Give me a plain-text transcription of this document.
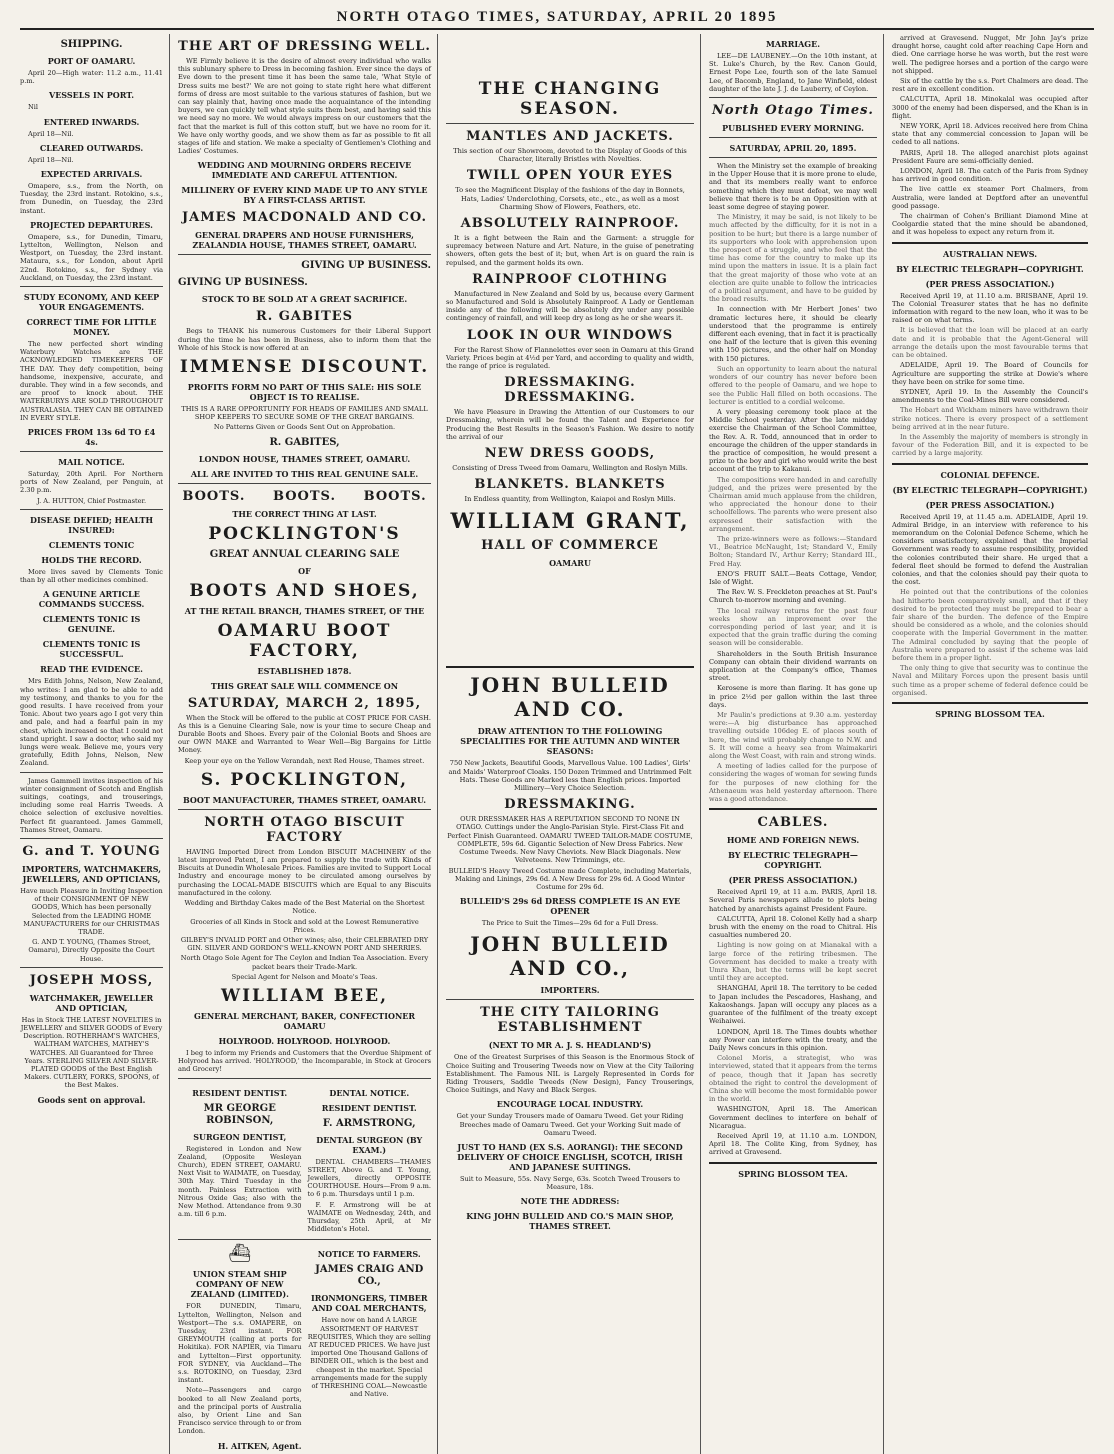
NORTH OTAGO TIMES, SATURDAY, APRIL 20 1895
SHIPPING.
PORT OF OAMARU.

April 20—High water: 11.2 a.m., 11.41 p.m.

VESSELS IN PORT.

Nil

ENTERED INWARDS.

April 18—Nil.

CLEARED OUTWARDS.

April 18—Nil.

EXPECTED ARRIVALS.

Omapere, s.s., from the North, on Tuesday, the 23rd instant. Rotokino, s.s., from Dunedin, on Tuesday, the 23rd instant.

PROJECTED DEPARTURES.

Omapere, s.s., for Dunedin, Timaru, Lyttelton, Wellington, Nelson and Westport, on Tuesday, the 23rd instant. Mataura, s.s., for London, about April 22nd. Rotokino, s.s., for Sydney via Auckland, on Tuesday, the 23rd instant.

STUDY ECONOMY, AND KEEP YOUR ENGAGEMENTS.
CORRECT TIME FOR LITTLE MONEY.

The new perfected short winding Waterbury Watches are THE ACKNOWLEDGED TIMEKEEPERS OF THE DAY. They defy competition, being handsome, inexpensive, accurate, and durable. They wind in a few seconds, and are proof to knock about. THE WATERBURYS ARE SOLD THROUGHOUT AUSTRALASIA. THEY CAN BE OBTAINED IN EVERY STYLE.

PRICES FROM 13s 6d TO £4 4s.
MAIL NOTICE.

Saturday, 20th April. For Northern ports of New Zealand, per Penguin, at 2.30 p.m.

J. A. HUTTON, Chief Postmaster.

DISEASE DEFIED; HEALTH INSURED:
CLEMENTS TONIC
HOLDS THE RECORD.

More lives saved by Clements Tonic than by all other medicines combined.

A GENUINE ARTICLE COMMANDS SUCCESS.
CLEMENTS TONIC IS GENUINE.
CLEMENTS TONIC IS SUCCESSFUL.
READ THE EVIDENCE.

Mrs Edith Johns, Nelson, New Zealand, who writes: I am glad to be able to add my testimony, and thanks to you for the good results. I have received from your Tonic. About two years ago I got very thin and pale, and had a fearful pain in my chest, which increased so that I could not stand upright. I saw a doctor, who said my lungs were weak. Believe me, yours very gratefully, Edith Johns, Nelson, New Zealand.

James Gammell invites inspection of his winter consignment of Scotch and English suitings, coatings, and trouserings, including some real Harris Tweeds. A choice selection of exclusive novelties. Perfect fit guaranteed. James Gammell, Thames Street, Oamaru.

G. and T. YOUNG
IMPORTERS, WATCHMAKERS, JEWELLERS, AND OPTICIANS,

Have much Pleasure in Inviting Inspection of their CONSIGNMENT OF NEW GOODS, Which has been personally Selected from the LEADING HOME MANUFACTURERS for our CHRISTMAS TRADE.

G. AND T. YOUNG, (Thames Street, Oamaru), Directly Opposite the Court House.

JOSEPH MOSS,
WATCHMAKER, JEWELLER AND OPTICIAN,

Has in Stock THE LATEST NOVELTIES in JEWELLERY and SILVER GOODS of Every Description. ROTHERHAM'S WATCHES, WALTHAM WATCHES, MATHEY'S WATCHES. All Guaranteed for Three Years. STERLING SILVER AND SILVER-PLATED GOODS of the Best English Makers. CUTLERY, FORKS, SPOONS, of the Best Makes.

Goods sent on approval.
THE ART OF DRESSING WELL.

WE Firmly believe it is the desire of almost every individual who walks this sublunary sphere to Dress in becoming fashion. Ever since the days of Eve down to the present time it has been the same tale, 'What Style of Dress suits me best?' We are not going to state right here what different forms of dress are most suitable to the various statures of fashion, but we can say plainly that, having once made the acquaintance of the intending buyers, we can quickly tell what style suits them best, and having said this we need say no more. We would always impress on our customers that the fact that the market is full of this cotton stuff, but we have no room for it. We have only worthy goods, and we show them as far as possible to fit all stages of life and station. We make a specialty of Gentlemen's Clothing and Ladies' Costumes.

WEDDING AND MOURNING ORDERS RECEIVE IMMEDIATE AND CAREFUL ATTENTION.
MILLINERY OF EVERY KIND MADE UP TO ANY STYLE BY A FIRST-CLASS ARTIST.
JAMES MACDONALD AND CO.
GENERAL DRAPERS AND HOUSE FURNISHERS, ZEALANDIA HOUSE, THAMES STREET, OAMARU.
GIVING UP BUSINESS.
GIVING UP BUSINESS.
STOCK TO BE SOLD AT A GREAT SACRIFICE.
R. GABITES

Begs to THANK his numerous Customers for their Liberal Support during the time he has been in Business, also to inform them that the Whole of his Stock is now offered at an

IMMENSE DISCOUNT.
PROFITS FORM NO PART OF THIS SALE: HIS SOLE OBJECT IS TO REALISE.

THIS IS A RARE OPPORTUNITY FOR HEADS OF FAMILIES AND SMALL SHOP KEEPERS TO SECURE SOME OF THE GREAT BARGAINS.

No Patterns Given or Goods Sent Out on Approbation.

R. GABITES,
LONDON HOUSE, THAMES STREET, OAMARU.
ALL ARE INVITED TO THIS REAL GENUINE SALE.
BOOTS.     BOOTS.     BOOTS.
THE CORRECT THING AT LAST.
POCKLINGTON'S
GREAT ANNUAL CLEARING SALE
OF
BOOTS AND SHOES,
AT THE RETAIL BRANCH, THAMES STREET, OF THE
OAMARU BOOT FACTORY,
ESTABLISHED 1878.
THIS GREAT SALE WILL COMMENCE ON
SATURDAY, MARCH 2, 1895,

When the Stock will be offered to the public at COST PRICE FOR CASH. As this is a Genuine Clearing Sale, now is your time to secure Cheap and Durable Boots and Shoes. Every pair of the Colonial Boots and Shoes are our OWN MAKE and Warranted to Wear Well—Big Bargains for Little Money.

Keep your eye on the Yellow Verandah, next Red House, Thames street.

S. POCKLINGTON,
BOOT MANUFACTURER, THAMES STREET, OAMARU.
NORTH OTAGO BISCUIT FACTORY

HAVING Imported Direct from London BISCUIT MACHINERY of the latest improved Patent, I am prepared to supply the trade with Kinds of Biscuits at Dunedin Wholesale Prices. Families are invited to Support Local Industry and encourage money to be circulated among ourselves by purchasing the LOCAL-MADE BISCUITS which are Equal to any Biscuits manufactured in the colony.

Wedding and Birthday Cakes made of the Best Material on the Shortest Notice.

Groceries of all Kinds in Stock and sold at the Lowest Remunerative Prices.

GILBEY'S INVALID PORT and Other wines; also, their CELEBRATED DRY GIN. SILVER AND GORDON'S WELL-KNOWN PORT AND SHERRIES.

North Otago Sole Agent for The Ceylon and Indian Tea Association. Every packet bears their Trade-Mark.

Special Agent for Nelson and Moate's Teas.

WILLIAM BEE,
GENERAL MERCHANT, BAKER, CONFECTIONER OAMARU
HOLYROOD. HOLYROOD. HOLYROOD.

I beg to inform my Friends and Customers that the Overdue Shipment of Holyrood has arrived. 'HOLYROOD,' the Incomparable, in Stock at Grocers and Grocery!

RESIDENT DENTIST.
MR GEORGE ROBINSON,
SURGEON DENTIST,

Registered in London and New Zealand, (Opposite Wesleyan Church), EDEN STREET, OAMARU. Next Visit to WAIMATE, on Tuesday, 30th May. Third Tuesday in the month. Painless Extraction with Nitrous Oxide Gas; also with the New Method. Attendance from 9.30 a.m. till 6 p.m.

DENTAL NOTICE.
RESIDENT DENTIST.
F. ARMSTRONG,
DENTAL SURGEON (BY EXAM.)

DENTAL CHAMBERS—THAMES STREET, Above G. and T. Young, Jewellers, directly OPPOSITE COURTHOUSE. Hours—From 9 a.m. to 6 p.m. Thursdays until 1 p.m.

F. F. Armstrong will be at WAIMATE on Wednesday, 24th, and Thursday, 25th April, at Mr Middleton's Hotel.

⛴
UNION STEAM SHIP COMPANY OF NEW ZEALAND (LIMITED).

FOR DUNEDIN, Timaru, Lyttelton, Wellington, Nelson and Westport—The s.s. OMAPERE, on Tuesday, 23rd instant. FOR GREYMOUTH (calling at ports for Hokitika). FOR NAPIER, via Timaru and Lyttelton—First opportunity. FOR SYDNEY, via Auckland—The s.s. ROTOKINO, on Tuesday, 23rd instant.

Note—Passengers and cargo booked to all New Zealand ports, and the principal ports of Australia also, by Orient Line and San Francisco service through to or from London.

H. AITKEN, Agent.
NOTICE TO FARMERS.
JAMES CRAIG AND CO.,
IRONMONGERS, TIMBER AND COAL MERCHANTS,

Have now on hand A LARGE ASSORTMENT OF HARVEST REQUISITES, Which they are selling AT REDUCED PRICES. We have just imported One Thousand Gallons of BINDER OIL, which is the best and cheapest in the market. Special arrangements made for the supply of THRESHING COAL—Newcastle and Native.

THE CHANGING SEASON.
MANTLES AND JACKETS.

This section of our Showroom, devoted to the Display of Goods of this Character, literally Bristles with Novelties.

TWILL OPEN YOUR EYES

To see the Magnificent Display of the fashions of the day in Bonnets, Hats, Ladies' Underclothing, Corsets, etc., etc., as well as a most Charming Show of Flowers, Feathers, etc.

ABSOLUTELY RAINPROOF.

It is a fight between the Rain and the Garment: a struggle for supremacy between Nature and Art. Nature, in the guise of penetrating showers, often gets the best of it; but, when Art is on guard the rain is repulsed, and the garment holds its own.

RAINPROOF CLOTHING

Manufactured in New Zealand and Sold by us, because every Garment so Manufactured and Sold is Absolutely Rainproof. A Lady or Gentleman inside any of the following will be absolutely dry under any possible contingency of rainfall, and will keep dry as long as he or she wears it.

LOOK IN OUR WINDOWS

For the Rarest Show of Flannelettes ever seen in Oamaru at this Grand Variety. Prices begin at 4½d per Yard, and according to quality and width, the range of price is regulated.

DRESSMAKING. DRESSMAKING.

We have Pleasure in Drawing the Attention of our Customers to our Dressmaking, wherein will be found the Talent and Experience for Producing the Best Results in the Season's Fashion. We desire to notify the arrival of our

NEW DRESS GOODS,

Consisting of Dress Tweed from Oamaru, Wellington and Roslyn Mills.

BLANKETS. BLANKETS

In Endless quantity, from Wellington, Kaiapoi and Roslyn Mills.

WILLIAM GRANT,
HALL OF COMMERCE
OAMARU
JOHN BULLEID AND CO.
DRAW ATTENTION TO THE FOLLOWING SPECIALITIES FOR THE AUTUMN AND WINTER SEASONS:

750 New Jackets, Beautiful Goods, Marvellous Value. 100 Ladies', Girls' and Maids' Waterproof Cloaks. 150 Dozen Trimmed and Untrimmed Felt Hats. These Goods are Marked less than English prices. Imported Millinery—Very Choice Selection.

DRESSMAKING.

OUR DRESSMAKER HAS A REPUTATION SECOND TO NONE IN OTAGO. Cuttings under the Anglo-Parisian Style. First-Class Fit and Perfect Finish Guaranteed. OAMARU TWEED TAILOR-MADE COSTUME, COMPLETE, 59s 6d. Gigantic Selection of New Dress Fabrics. New Costume Tweeds. New Navy Cheviots. New Black Diagonals. New Velveteens. New Trimmings, etc.

BULLEID'S Heavy Tweed Costume made Complete, including Materials, Making and Linings, 29s 6d. A New Dress for 29s 6d. A Good Winter Costume for 29s 6d.

BULLEID'S 29s 6d DRESS COMPLETE IS AN EYE OPENER

The Price to Suit the Times—29s 6d for a Full Dress.

JOHN BULLEID AND CO.,
IMPORTERS.
THE CITY TAILORING ESTABLISHMENT
(NEXT TO MR A. J. S. HEADLAND'S)

One of the Greatest Surprises of this Season is the Enormous Stock of Choice Suiting and Trousering Tweeds now on View at the City Tailoring Establishment. The Famous NIL is Largely Represented in Cords for Riding Trousers, Saddle Tweeds (New Design), Fancy Trouserings, Choice Suitings, and Navy and Black Serges.

ENCOURAGE LOCAL INDUSTRY.

Get your Sunday Trousers made of Oamaru Tweed. Get your Riding Breeches made of Oamaru Tweed. Get your Working Suit made of Oamaru Tweed.

JUST TO HAND (EX S.S. AORANGI): THE SECOND DELIVERY OF CHOICE ENGLISH, SCOTCH, IRISH AND JAPANESE SUITINGS.

Suit to Measure, 55s. Navy Serge, 63s. Scotch Tweed Trousers to Measure, 18s.

NOTE THE ADDRESS:
KING JOHN BULLEID AND CO.'S MAIN SHOP, THAMES STREET.
MARRIAGE.

LEE—DE LAUBENEY.—On the 10th instant, at St. Luke's Church, by the Rev. Canon Gould, Ernest Pope Lee, fourth son of the late Samuel Lee, of Bacomb, England, to Jane Winfield, eldest daughter of the late J. J. de Lauberry, of Ceylon.

North Otago Times.
PUBLISHED EVERY MORNING.
SATURDAY, APRIL 20, 1895.

When the Ministry set the example of breaking in the Upper House that it is more prone to elude, and that its members really want to enforce something which they must defeat, we may well believe that there is to be an Opposition with at least some degree of staying power.

The Ministry, it may be said, is not likely to be much affected by the difficulty, for it is not in a position to be hurt; but there is a large number of its supporters who look with apprehension upon the prospect of a struggle, and who feel that the time has come for the country to make up its mind upon the matters in issue. It is a plain fact that the great majority of those who vote at an election are quite unable to follow the intricacies of a political argument, and have to be guided by the broad results.

In connection with Mr Herbert Jones' two dramatic lectures here, it should be clearly understood that the programme is entirely different each evening, that in fact it is practically one half of the lecture that is given this evening with 150 pictures, and the other half on Monday with 150 pictures.

Such an opportunity to learn about the natural wonders of our country has never before been offered to the people of Oamaru, and we hope to see the Public Hall filled on both occasions. The lecturer is entitled to a cordial welcome.

A very pleasing ceremony took place at the Middle School yesterday. After the late midday exercise the Chairman of the School Committee, the Rev. A. R. Todd, announced that in order to encourage the children of the upper standards in the practice of composition, he would present a prize to the boy and girl who would write the best account of the trip to Kakanui.

The compositions were handed in and carefully judged, and the prizes were presented by the Chairman amid much applause from the children, who appreciated the honour done to their schoolfellows. The parents who were present also expressed their satisfaction with the arrangement.

The prize-winners were as follows:—Standard VI., Beatrice McNaught, 1st; Standard V., Emily Bolton; Standard IV., Arthur Kerry; Standard III., Fred Hay.

ENO'S FRUIT SALT.—Beats Cottage, Vendor, Isle of Wight.

The Rev. W. S. Freckleton preaches at St. Paul's Church to-morrow morning and evening.

The local railway returns for the past four weeks show an improvement over the corresponding period of last year, and it is expected that the grain traffic during the coming season will be considerable.

Shareholders in the South British Insurance Company can obtain their dividend warrants on application at the Company's office, Thames street.

Kerosene is more than flaring. It has gone up in price 2½d per gallon within the last three days.

Mr Paulin's predictions at 9.30 a.m. yesterday were:—A big disturbance has approached travelling outside 106deg E. of places south of here, the wind will probably change to N.W. and S. It will come a heavy sea from Waimakariri along the West Coast, with rain and strong winds.

A meeting of ladies called for the purpose of considering the wages of woman for sewing funds for the purposes of new clothing for the Athenaeum was held yesterday afternoon. There was a good attendance.

CABLES.
HOME AND FOREIGN NEWS.
BY ELECTRIC TELEGRAPH—COPYRIGHT.
(PER PRESS ASSOCIATION.)

Received April 19, at 11 a.m. PARIS, April 18. Several Paris newspapers allude to plots being hatched by anarchists against President Faure.

CALCUTTA, April 18. Colonel Kelly had a sharp brush with the enemy on the road to Chitral. His casualties numbered 20.

Lighting is now going on at Mianakal with a large force of the retiring tribesmen. The Government has decided to make a treaty with Umra Khan, but the terms will be kept secret until they are accepted.

SHANGHAI, April 18. The territory to be ceded to Japan includes the Pescadores, Hashang, and Kakaoshangs. Japan will occupy any places as a guarantee of the fulfilment of the treaty except Weihaiwei.

LONDON, April 18. The Times doubts whether any Power can interfere with the treaty, and the Daily News concurs in this opinion.

Colonel Moris, a strategist, who was interviewed, stated that it appears from the terms of peace, though that it Japan has secretly obtained the right to control the development of China she will become the most formidable power in the world.

WASHINGTON, April 18. The American Government declines to interfere on behalf of Nicaragua.

Received April 19, at 11.10 a.m. LONDON, April 18. The Colite King, from Sydney, has arrived at Gravesend.

SPRING BLOSSOM TEA.

arrived at Gravesend. Nugget, Mr John Jay's prize draught horse, caught cold after reaching Cape Horn and died. One carriage horse he was worth, but the rest were well. The pedigree horses and a portion of the cargo were not shipped.

Six of the cattle by the s.s. Port Chalmers are dead. The rest are in excellent condition.

CALCUTTA, April 18. Minokalal was occupied after 3000 of the enemy had been dispersed, and the Khan is in flight.

NEW YORK, April 18. Advices received here from China state that any commercial concession to Japan will be ceded to all nations.

PARIS, April 18. The alleged anarchist plots against President Faure are semi-officially denied.

LONDON, April 18. The catch of the Paris from Sydney has arrived in good condition.

The live cattle ex steamer Port Chalmers, from Australia, were landed at Deptford after an uneventful good passage.

The chairman of Cohen's Brilliant Diamond Mine at Coolgardie stated that the mine should be abandoned, and it was hopeless to expect any return from it.

AUSTRALIAN NEWS.
BY ELECTRIC TELEGRAPH—COPYRIGHT.
(PER PRESS ASSOCIATION.)

Received April 19, at 11.10 a.m. BRISBANE, April 19. The Colonial Treasurer states that he has no definite information with regard to the new loan, who it was to be raised or on what terms.

It is believed that the loan will be placed at an early date and it is probable that the Agent-General will arrange the details upon the most favourable terms that can be obtained.

ADELAIDE, April 19. The Board of Councils for Agriculture are supporting the strike at Dowie's where they have been on strike for some time.

SYDNEY, April 19. In the Assembly the Council's amendments to the Coal-Mines Bill were considered.

The Hobart and Wickham miners have withdrawn their strike notices. There is every prospect of a settlement being arrived at in the near future.

In the Assembly the majority of members is strongly in favour of the Federation Bill, and it is expected to be carried by a large majority.

COLONIAL DEFENCE.
(BY ELECTRIC TELEGRAPH—COPYRIGHT.)
(PER PRESS ASSOCIATION.)

Received April 19, at 11.45 a.m. ADELAIDE, April 19. Admiral Bridge, in an interview with reference to his memorandum on the Colonial Defence Scheme, which he considers unsatisfactory, explained that the Imperial Government was ready to assume responsibility, provided the colonies contributed their share. He urged that a federal fleet should be formed to defend the Australian colonies, and that the colonies should pay their quota to the cost.

He pointed out that the contributions of the colonies had hitherto been comparatively small, and that if they desired to be protected they must be prepared to bear a fair share of the burden. The defence of the Empire should be considered as a whole, and the colonies should cooperate with the Imperial Government in the matter. The Admiral concluded by saying that the people of Australia were prepared to assist if the scheme was laid before them in a proper light.

The only thing to give that security was to continue the Naval and Military Forces upon the present basis until such time as a proper scheme of federal defence could be organised.

SPRING BLOSSOM TEA.
